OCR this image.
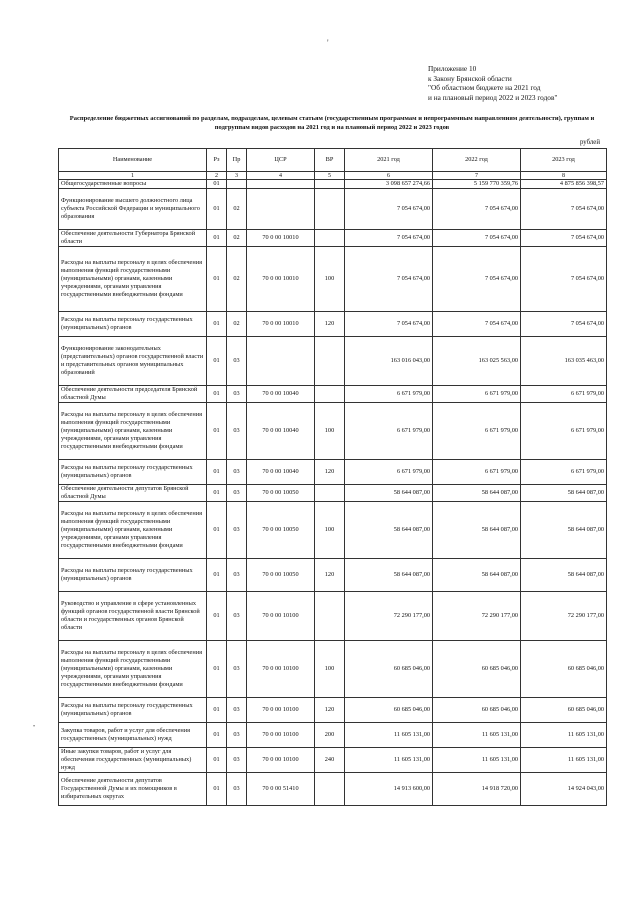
'
Приложение 10
к Закону Брянской области
"Об областном бюджете на 2021 год
и на плановый период 2022 и 2023 годов"
Распределение бюджетных ассигнований по разделам, подразделам, целевым статьям (государственным программам и непрограммным направлениям деятельности), группам и подгруппам видов расходов на 2021 год и на плановый период 2022 и 2023 годов
рублей
Наименование	Рз	Пр	ЦСР	ВР	2021 год	2022 год	2023 год
1	2	3	4	5	6	7	8
Общегосударственные вопросы	01				3 098 657 274,66	5 159 770 359,76	4 875 856 398,57
Функционирование высшего должностного лица субъекта Российской Федерации и муниципального образования	01	02			7 054 674,00	7 054 674,00	7 054 674,00
Обеспечение деятельности Губернатора Брянской области	01	02	70 0 00 10010		7 054 674,00	7 054 674,00	7 054 674,00
Расходы на выплаты персоналу в целях обеспечения выполнения функций государственными (муниципальными) органами, казенными учреждениями, органами управления государственными внебюджетными фондами	01	02	70 0 00 10010	100	7 054 674,00	7 054 674,00	7 054 674,00
Расходы на выплаты персоналу государственных (муниципальных) органов	01	02	70 0 00 10010	120	7 054 674,00	7 054 674,00	7 054 674,00
Функционирование законодательных (представительных) органов государственной власти и представительных органов муниципальных образований	01	03			163 016 043,00	163 025 563,00	163 035 463,00
Обеспечение деятельности председателя Брянской областной Думы	01	03	70 0 00 10040		6 671 979,00	6 671 979,00	6 671 979,00
Расходы на выплаты персоналу в целях обеспечения выполнения функций государственными (муниципальными) органами, казенными учреждениями, органами управления государственными внебюджетными фондами	01	03	70 0 00 10040	100	6 671 979,00	6 671 979,00	6 671 979,00
Расходы на выплаты персоналу государственных (муниципальных) органов	01	03	70 0 00 10040	120	6 671 979,00	6 671 979,00	6 671 979,00
Обеспечение деятельности депутатов Брянской областной Думы	01	03	70 0 00 10050		58 644 087,00	58 644 087,00	58 644 087,00
Расходы на выплаты персоналу в целях обеспечения выполнения функций государственными (муниципальными) органами, казенными учреждениями, органами управления государственными внебюджетными фондами	01	03	70 0 00 10050	100	58 644 087,00	58 644 087,00	58 644 087,00
Расходы на выплаты персоналу государственных (муниципальных) органов	01	03	70 0 00 10050	120	58 644 087,00	58 644 087,00	58 644 087,00
Руководство и управление в сфере установленных функций органов государственной власти Брянской области и государственных органов Брянской области	01	03	70 0 00 10100		72 290 177,00	72 290 177,00	72 290 177,00
Расходы на выплаты персоналу в целях обеспечения выполнения функций государственными (муниципальными) органами, казенными учреждениями, органами управления государственными внебюджетными фондами	01	03	70 0 00 10100	100	60 685 046,00	60 685 046,00	60 685 046,00
Расходы на выплаты персоналу государственных (муниципальных) органов	01	03	70 0 00 10100	120	60 685 046,00	60 685 046,00	60 685 046,00
Закупка товаров, работ и услуг для обеспечения государственных (муниципальных) нужд	01	03	70 0 00 10100	200	11 605 131,00	11 605 131,00	11 605 131,00
Иные закупки товаров, работ и услуг для обеспечения государственных (муниципальных) нужд	01	03	70 0 00 10100	240	11 605 131,00	11 605 131,00	11 605 131,00
Обеспечение деятельности депутатов Государственной Думы и их помощников в избирательных округах	01	03	70 0 00 51410		14 913 600,00	14 918 720,00	14 924 043,00
•
